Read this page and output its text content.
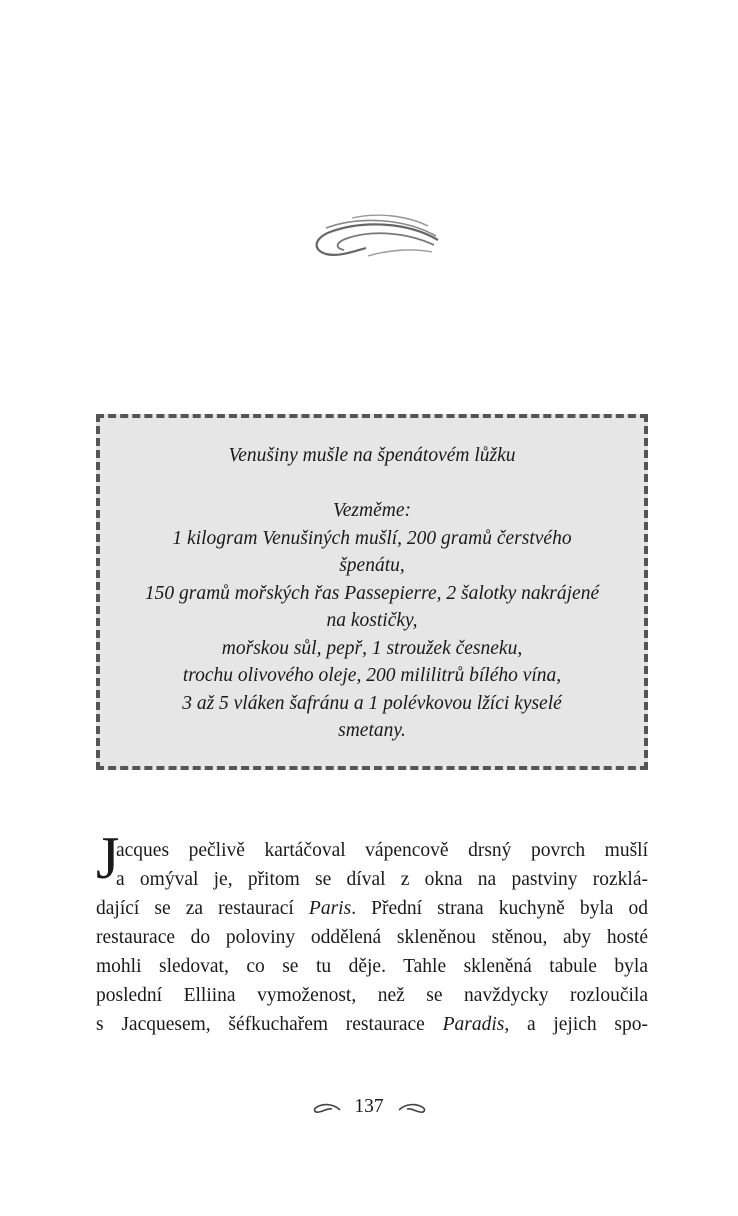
Venušiny mušle na špenátovém lůžku
Vezměme:
1 kilogram Venušiných mušlí, 200 gramů čerstvého
špenátu,
150 gramů mořských řas Passepierre, 2 šalotky nakrájené
na kostičky,
mořskou sůl, pepř, 1 stroužek česneku,
trochu olivového oleje, 200 mililitrů bílého vína,
3 až 5 vláken šafránu a 1 polévkovou lžíci kyselé
smetany.
J
acques pečlivě kartáčoval vápencově drsný povrch mušlí
a omýval je, přitom se díval z okna na pastviny rozklá-
dající se za restaurací Paris. Přední strana kuchyně byla od
restaurace do poloviny oddělená skleněnou stěnou, aby hosté
mohli sledovat, co se tu děje. Tahle skleněná tabule byla
poslední Elliina vymoženost, než se navždycky rozloučila
s Jacquesem, šéfkuchařem restaurace Paradis, a jejich spo-
137
